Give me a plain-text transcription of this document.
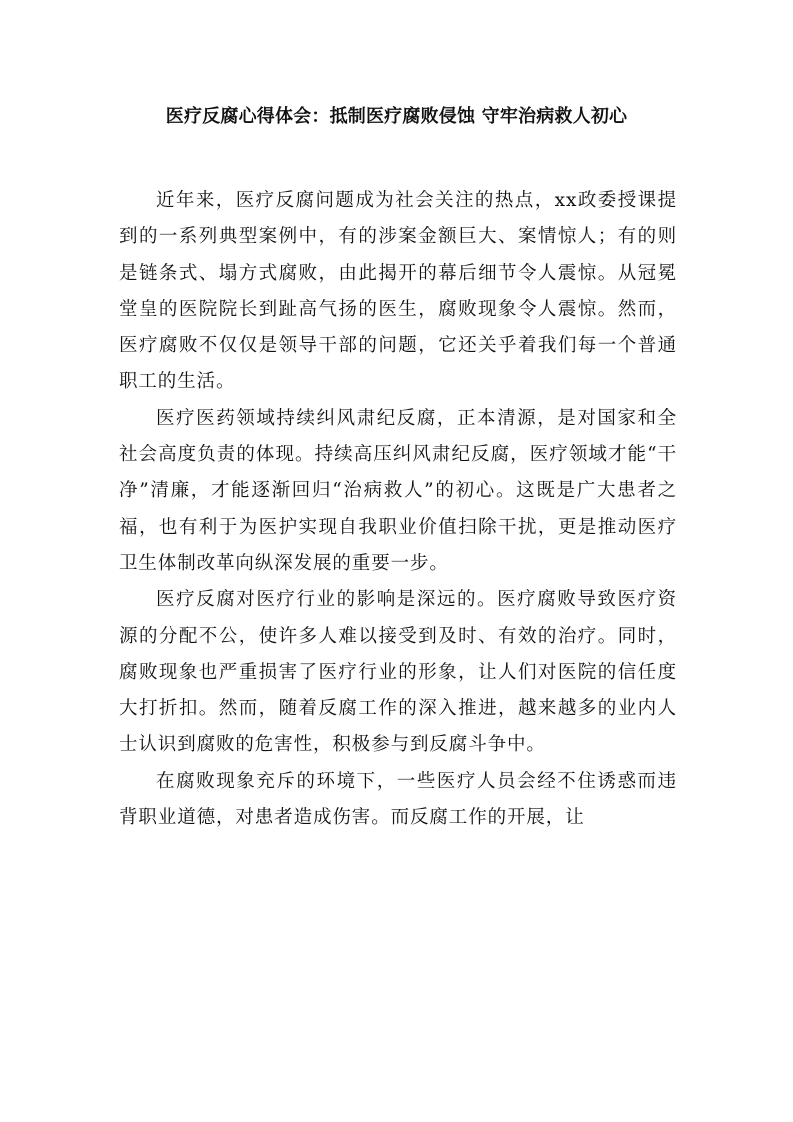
医疗反腐心得体会：抵制医疗腐败侵蚀 守牢治病救人初心

近年来，医疗反腐问题成为社会关注的热点，xx政委授课提到的一系列典型案例中，有的涉案金额巨大、案情惊人；有的则是链条式、塌方式腐败，由此揭开的幕后细节令人震惊。从冠冕堂皇的医院院长到趾高气扬的医生，腐败现象令人震惊。然而，医疗腐败不仅仅是领导干部的问题，它还关乎着我们每一个普通职工的生活。

医疗医药领域持续纠风肃纪反腐，正本清源，是对国家和全社会高度负责的体现。持续高压纠风肃纪反腐，医疗领域才能“干净”清廉，才能逐渐回归“治病救人”的初心。这既是广大患者之福，也有利于为医护实现自我职业价值扫除干扰，更是推动医疗卫生体制改革向纵深发展的重要一步。

医疗反腐对医疗行业的影响是深远的。医疗腐败导致医疗资源的分配不公，使许多人难以接受到及时、有效的治疗。同时，腐败现象也严重损害了医疗行业的形象，让人们对医院的信任度大打折扣。然而，随着反腐工作的深入推进，越来越多的业内人士认识到腐败的危害性，积极参与到反腐斗争中。

在腐败现象充斥的环境下，一些医疗人员会经不住诱惑而违背职业道德，对患者造成伤害。而反腐工作的开展，让
